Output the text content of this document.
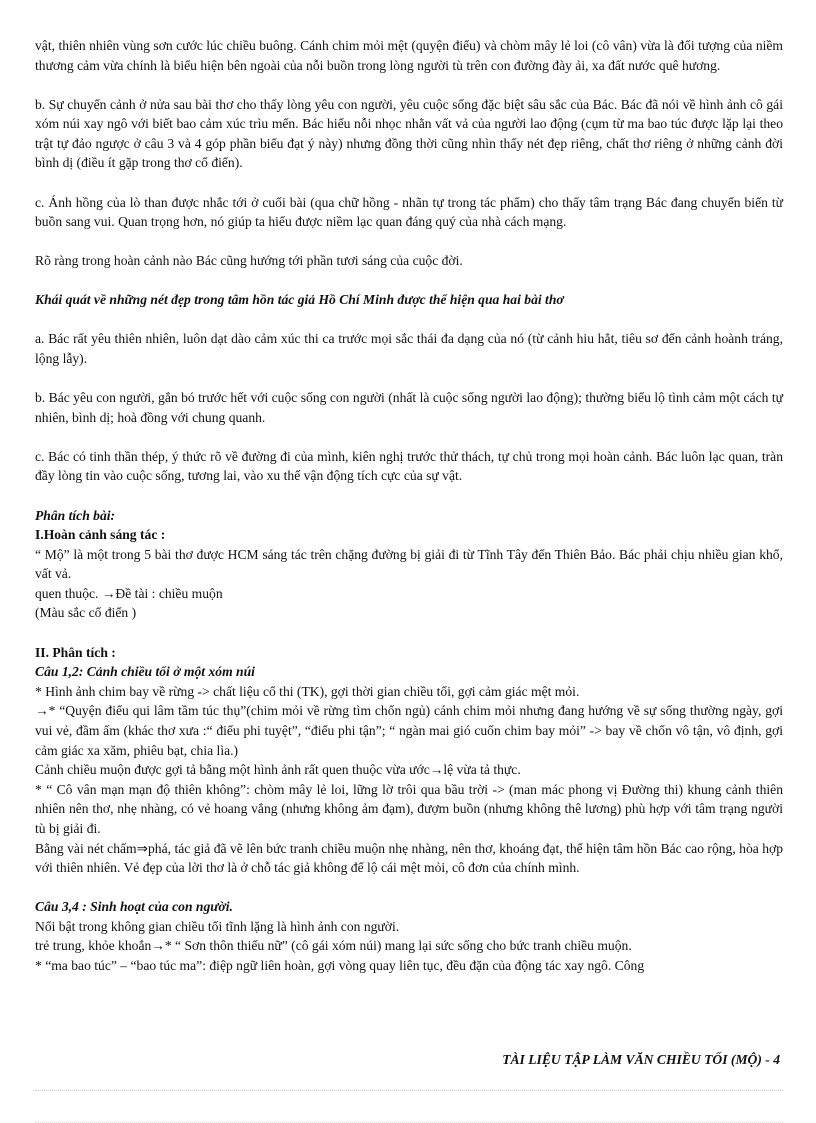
vật, thiên nhiên vùng sơn cước lúc chiều buông. Cánh chim mỏi mệt (quyện điểu) và chòm mây lẻ loi (cô vân) vừa là đối tượng của niềm thương cảm vừa chính là biểu hiện bên ngoài của nỗi buồn trong lòng người tù trên con đường đày ải, xa đất nước quê hương.

b. Sự chuyển cảnh ở nửa sau bài thơ cho thấy lòng yêu con người, yêu cuộc sống đặc biệt sâu sắc của Bác. Bác đã nói về hình ảnh cô gái xóm núi xay ngô với biết bao cảm xúc trìu mến. Bác hiểu nỗi nhọc nhằn vất vả của người lao động (cụm từ ma bao túc được lặp lại theo trật tự đảo ngược ở câu 3 và 4 góp phần biểu đạt ý này) nhưng đồng thời cũng nhìn thấy nét đẹp riêng, chất thơ riêng ở những cảnh đời bình dị (điều ít gặp trong thơ cổ điển).

c. Ánh hồng của lò than được nhắc tới ở cuối bài (qua chữ hồng - nhãn tự trong tác phẩm) cho thấy tâm trạng Bác đang chuyển biến từ buồn sang vui. Quan trọng hơn, nó giúp ta hiểu được niềm lạc quan đáng quý của nhà cách mạng.

Rõ ràng trong hoàn cảnh nào Bác cũng hướng tới phần tươi sáng của cuộc đời.

Khái quát về những nét đẹp trong tâm hồn tác giả Hồ Chí Minh được thể hiện qua hai bài thơ

a. Bác rất yêu thiên nhiên, luôn dạt dào cảm xúc thi ca trước mọi sắc thái đa dạng của nó (từ cảnh hiu hắt, tiêu sơ đến cảnh hoành tráng, lộng lẫy).

b. Bác yêu con người, gắn bó trước hết với cuộc sống con người (nhất là cuộc sống người lao động); thường biểu lộ tình cảm một cách tự nhiên, bình dị; hoà đồng với chung quanh.

c. Bác có tinh thần thép, ý thức rõ về đường đi của mình, kiên nghị trước thử thách, tự chủ trong mọi hoàn cảnh. Bác luôn lạc quan, tràn đầy lòng tin vào cuộc sống, tương lai, vào xu thế vận động tích cực của sự vật.

Phân tích bài:

I.Hoàn cảnh sáng tác :

“ Mộ” là một trong 5 bài thơ được HCM sáng tác trên chặng đường bị giải đi từ Tĩnh Tây đến Thiên Bảo. Bác phải chịu nhiều gian khổ, vất vả.

quen thuộc. →Đề tài : chiều muộn

(Màu sắc cổ điển )

II. Phân tích :

Câu 1,2: Cảnh chiều tối ở một xóm núi

* Hình ảnh chim bay về rừng -> chất liệu cổ thi (TK), gợi thời gian chiều tối, gợi cảm giác mệt mỏi.

→* “Quyện điểu qui lâm tầm túc thụ”(chim mỏi về rừng tìm chốn ngủ) cánh chim mỏi nhưng đang hướng về sự sống thường ngày, gợi vui vẻ, đầm ấm (khác thơ xưa :“ điểu phi tuyệt”, “điểu phi tận”; “ ngàn mai gió cuốn chim bay mỏi” -> bay về chốn vô tận, vô định, gợi cảm giác xa xăm, phiêu bạt, chia lìa.)

Cảnh chiều muộn được gợi tả bằng một hình ảnh rất quen thuộc vừa ước→lệ vừa tả thực.

* “ Cô vân mạn mạn độ thiên không”: chòm mây lẻ loi, lững lờ trôi qua bầu trời -> (man mác phong vị Đường thi) khung cảnh thiên nhiên nên thơ, nhẹ nhàng, có vẻ hoang vắng (nhưng không ảm đạm), đượm buồn (nhưng không thê lương) phù hợp với tâm trạng người tù bị giải đi.

Bằng vài nét chấm⇒phá, tác giả đã vẽ lên bức tranh chiều muộn nhẹ nhàng, nên thơ, khoáng đạt, thể hiện tâm hồn Bác cao rộng, hòa hợp với thiên nhiên. Vẻ đẹp của lời thơ là ở chỗ tác giả không để lộ cái mệt mỏi, cô đơn của chính mình.

Câu 3,4 : Sinh hoạt của con người.

Nổi bật trong không gian chiều tối tĩnh lặng là hình ảnh con người.

trẻ trung, khỏe khoắn→* “ Sơn thôn thiếu nữ” (cô gái xóm núi) mang lại sức sống cho bức tranh chiều muộn.

* “ma bao túc” – “bao túc ma”: điệp ngữ liên hoàn, gợi vòng quay liên tục, đều đặn của động tác xay ngô. Công

TÀI LIỆU TẬP LÀM VĂN CHIỀU TỐI (MỘ) - 4
